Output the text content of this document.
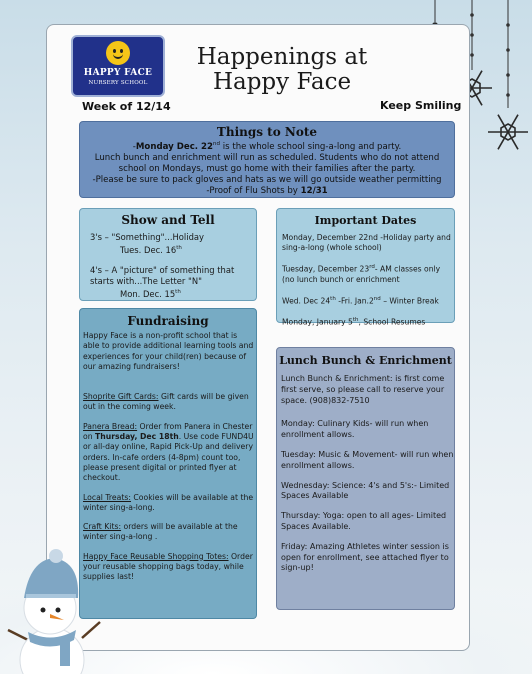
HAPPY FACE
NURSERY SCHOOL
Happenings at
Happy Face
Week of 12/14	Keep Smiling
Things to Note

-Monday Dec. 22nd is the whole school sing-a-long and party.

Lunch bunch and enrichment will run as scheduled. Students who do not attend school on Mondays, must go home with their families after the party.

-Please be sure to pack gloves and hats as we will go outside weather permitting

-Proof of Flu Shots by 12/31

Show and Tell
3's – "Something"...Holiday
Tues. Dec. 16th
4's – A "picture" of something that starts with...The Letter "N"
Mon. Dec. 15th
Important Dates

Monday, December 22nd -Holiday party and sing-a-long (whole school)

Tuesday, December 23rd- AM classes only (no lunch bunch or enrichment

Wed. Dec 24th -Fri. Jan.2nd – Winter Break

Monday, January 5th, School Resumes

Fundraising

Happy Face is a non-profit school that is able to provide additional learning tools and experiences for your child(ren) because of our amazing fundraisers!

Shoprite Gift Cards: Gift cards will be given out in the coming week.

Panera Bread: Order from Panera in Chester on Thursday, Dec 18th. Use code FUND4U or all-day online, Rapid Pick-Up and delivery orders. In-cafe orders (4-8pm) count too, please present digital or printed flyer at checkout.

Local Treats: Cookies will be available at the winter sing-a-long.

Craft Kits: orders will be available at the winter sing-a-long .

Happy Face Reusable Shopping Totes: Order your reusable shopping bags today, while supplies last!

Lunch Bunch & Enrichment

Lunch Bunch & Enrichment: is first come first serve, so please call to reserve your space. (908)832-7510

Monday: Culinary Kids- will run when enrollment allows.

Tuesday: Music & Movement- will run when enrollment allows.

Wednesday: Science: 4's and 5's:- Limited Spaces Available

Thursday: Yoga: open to all ages- Limited Spaces Available.

Friday: Amazing Athletes winter session is open for enrollment, see attached flyer to sign-up!
